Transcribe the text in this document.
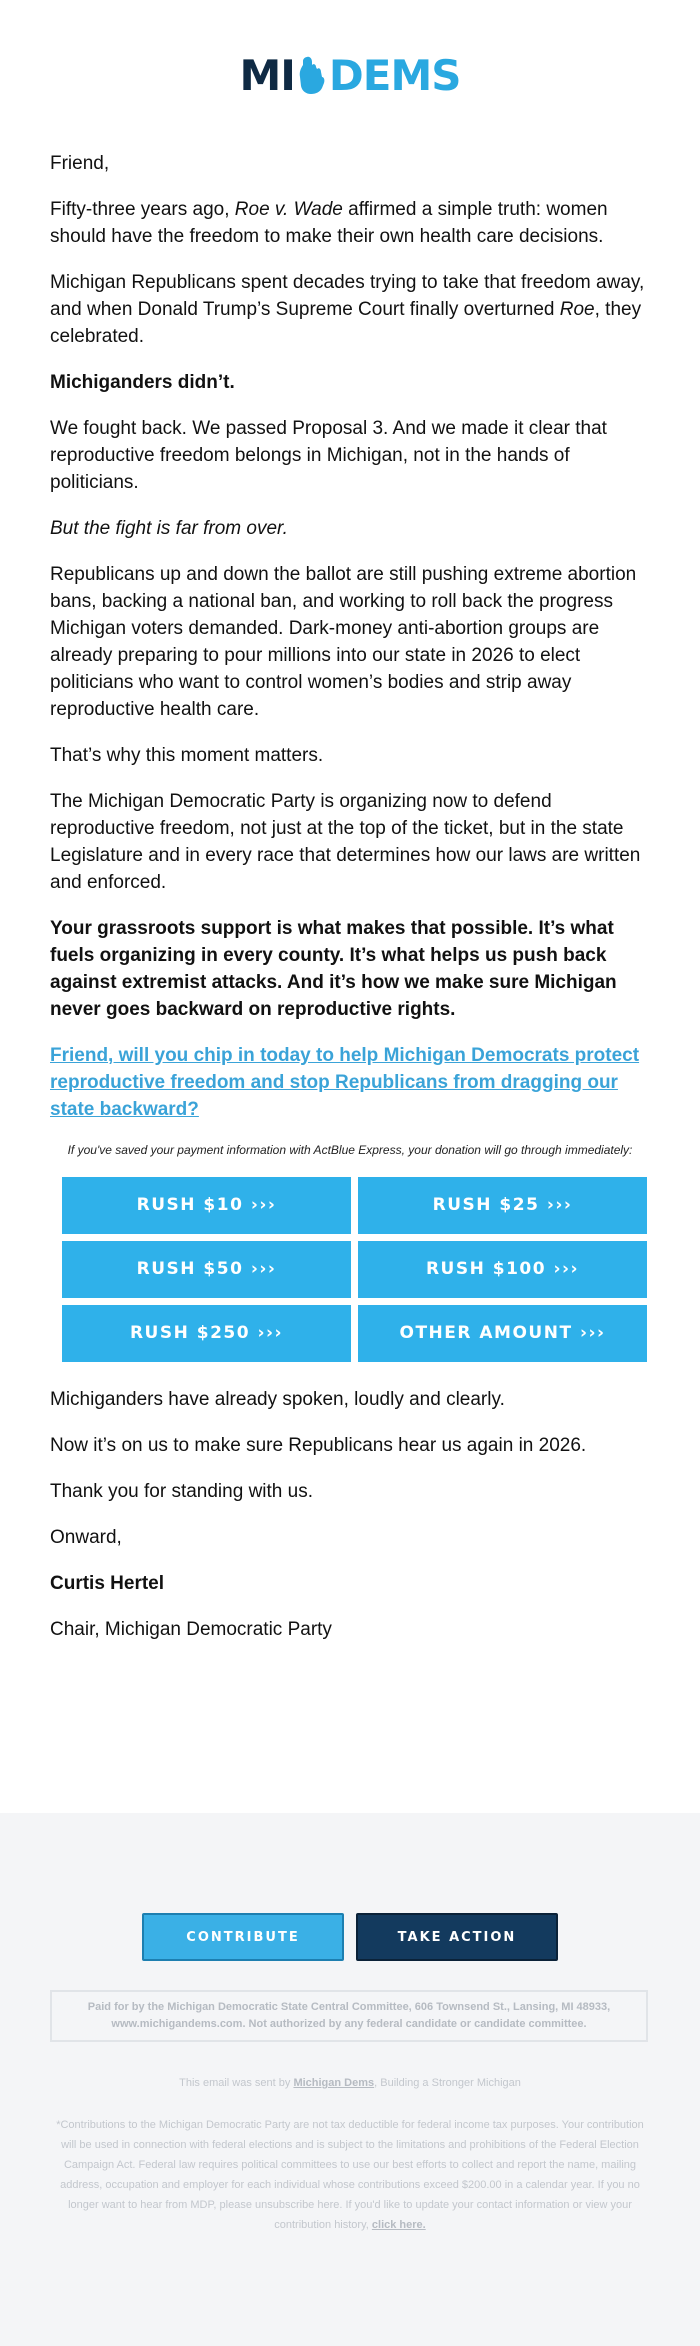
MI DEMS

Friend,

Fifty-three years ago, Roe v. Wade affirmed a simple truth: women should have the freedom to make their own health care decisions.

Michigan Republicans spent decades trying to take that freedom away, and when Donald Trump’s Supreme Court finally overturned Roe, they celebrated.

Michiganders didn’t.

We fought back. We passed Proposal 3. And we made it clear that reproductive freedom belongs in Michigan, not in the hands of politicians.

But the fight is far from over.

Republicans up and down the ballot are still pushing extreme abortion bans, backing a national ban, and working to roll back the progress Michigan voters demanded. Dark-money anti-abortion groups are already preparing to pour millions into our state in 2026 to elect politicians who want to control women’s bodies and strip away reproductive health care.

That’s why this moment matters.

The Michigan Democratic Party is organizing now to defend reproductive freedom, not just at the top of the ticket, but in the state Legislature and in every race that determines how our laws are written and enforced.

Your grassroots support is what makes that possible. It’s what fuels organizing in every county. It’s what helps us push back against extremist attacks. And it’s how we make sure Michigan never goes backward on reproductive rights.

Friend, will you chip in today to help Michigan Democrats protect reproductive freedom and stop Republicans from dragging our state backward?

If you've saved your payment information with ActBlue Express, your donation will go through immediately:

RUSH $10 ›››	RUSH $25 ›››
RUSH $50 ›››	RUSH $100 ›››
RUSH $250 ›››	OTHER AMOUNT ›››

Michiganders have already spoken, loudly and clearly.

Now it’s on us to make sure Republicans hear us again in 2026.

Thank you for standing with us.

Onward,

Curtis Hertel

Chair, Michigan Democratic Party

CONTRIBUTE	TAKE ACTION
Paid for by the Michigan Democratic State Central Committee, 606 Townsend St., Lansing, MI 48933,
www.michigandems.com. Not authorized by any federal candidate or candidate committee.
This email was sent by Michigan Dems, Building a Stronger Michigan
*Contributions to the Michigan Democratic Party are not tax deductible for federal income tax purposes. Your contribution will be used in connection with federal elections and is subject to the limitations and prohibitions of the Federal Election Campaign Act. Federal law requires political committees to use our best efforts to collect and report the name, mailing address, occupation and employer for each individual whose contributions exceed $200.00 in a calendar year. If you no longer want to hear from MDP, please unsubscribe here. If you'd like to update your contact information or view your contribution history, click here.
